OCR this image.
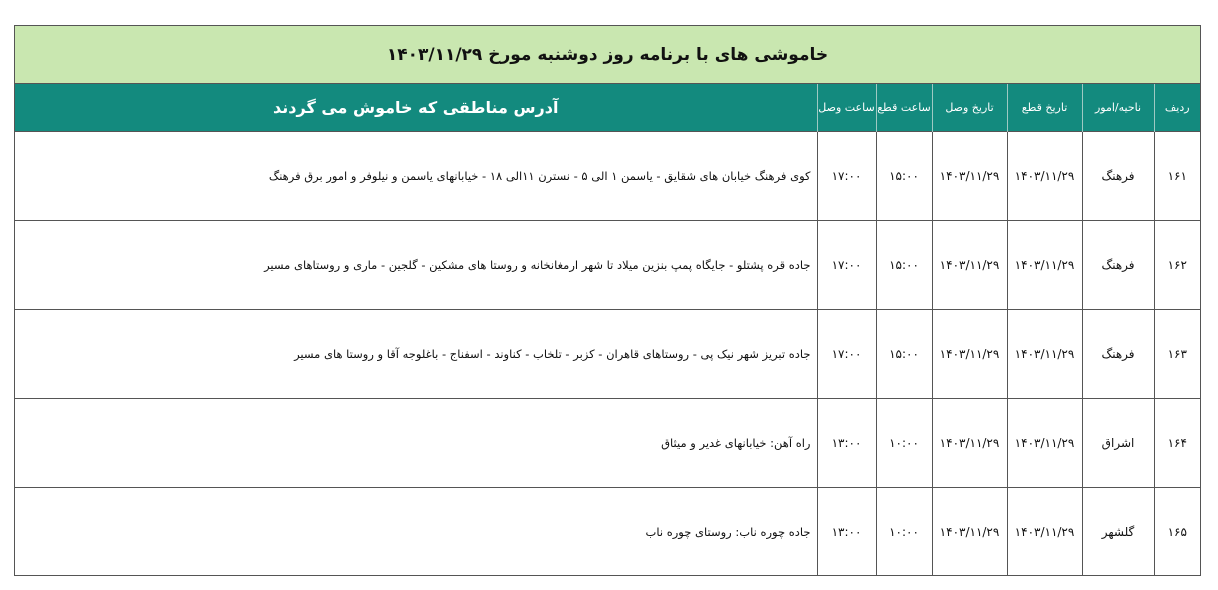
خاموشی های با برنامه روز دوشنبه مورخ ۱۴۰۳/۱۱/۲۹
ردیف	ناحیه/امور	تاریخ قطع	تاریخ وصل	ساعت قطع	ساعت وصل	آدرس مناطقی که خاموش می گردند
۱۶۱	فرهنگ	۱۴۰۳/۱۱/۲۹	۱۴۰۳/۱۱/۲۹	۱۵:۰۰	۱۷:۰۰	کوی فرهنگ خیابان های شقایق - یاسمن ۱ الی ۵ - نسترن ۱۱الی ۱۸ - خیابانهای یاسمن و نیلوفر و امور برق فرهنگ
۱۶۲	فرهنگ	۱۴۰۳/۱۱/۲۹	۱۴۰۳/۱۱/۲۹	۱۵:۰۰	۱۷:۰۰	جاده قره پشتلو - جایگاه پمپ بنزین میلاد تا شهر ارمغانخانه و روستا های مشکین - گلجین - ماری و روستاهای مسیر
۱۶۳	فرهنگ	۱۴۰۳/۱۱/۲۹	۱۴۰۳/۱۱/۲۹	۱۵:۰۰	۱۷:۰۰	جاده تبریز شهر نیک پی - روستاهای قاهران - کزبر - تلخاب - کناوند - اسفناج - باغلوجه آقا و روستا های مسیر
۱۶۴	اشراق	۱۴۰۳/۱۱/۲۹	۱۴۰۳/۱۱/۲۹	۱۰:۰۰	۱۳:۰۰	راه آهن: خیابانهای غدیر و میثاق
۱۶۵	گلشهر	۱۴۰۳/۱۱/۲۹	۱۴۰۳/۱۱/۲۹	۱۰:۰۰	۱۳:۰۰	جاده چوره ناب: روستای چوره ناب
